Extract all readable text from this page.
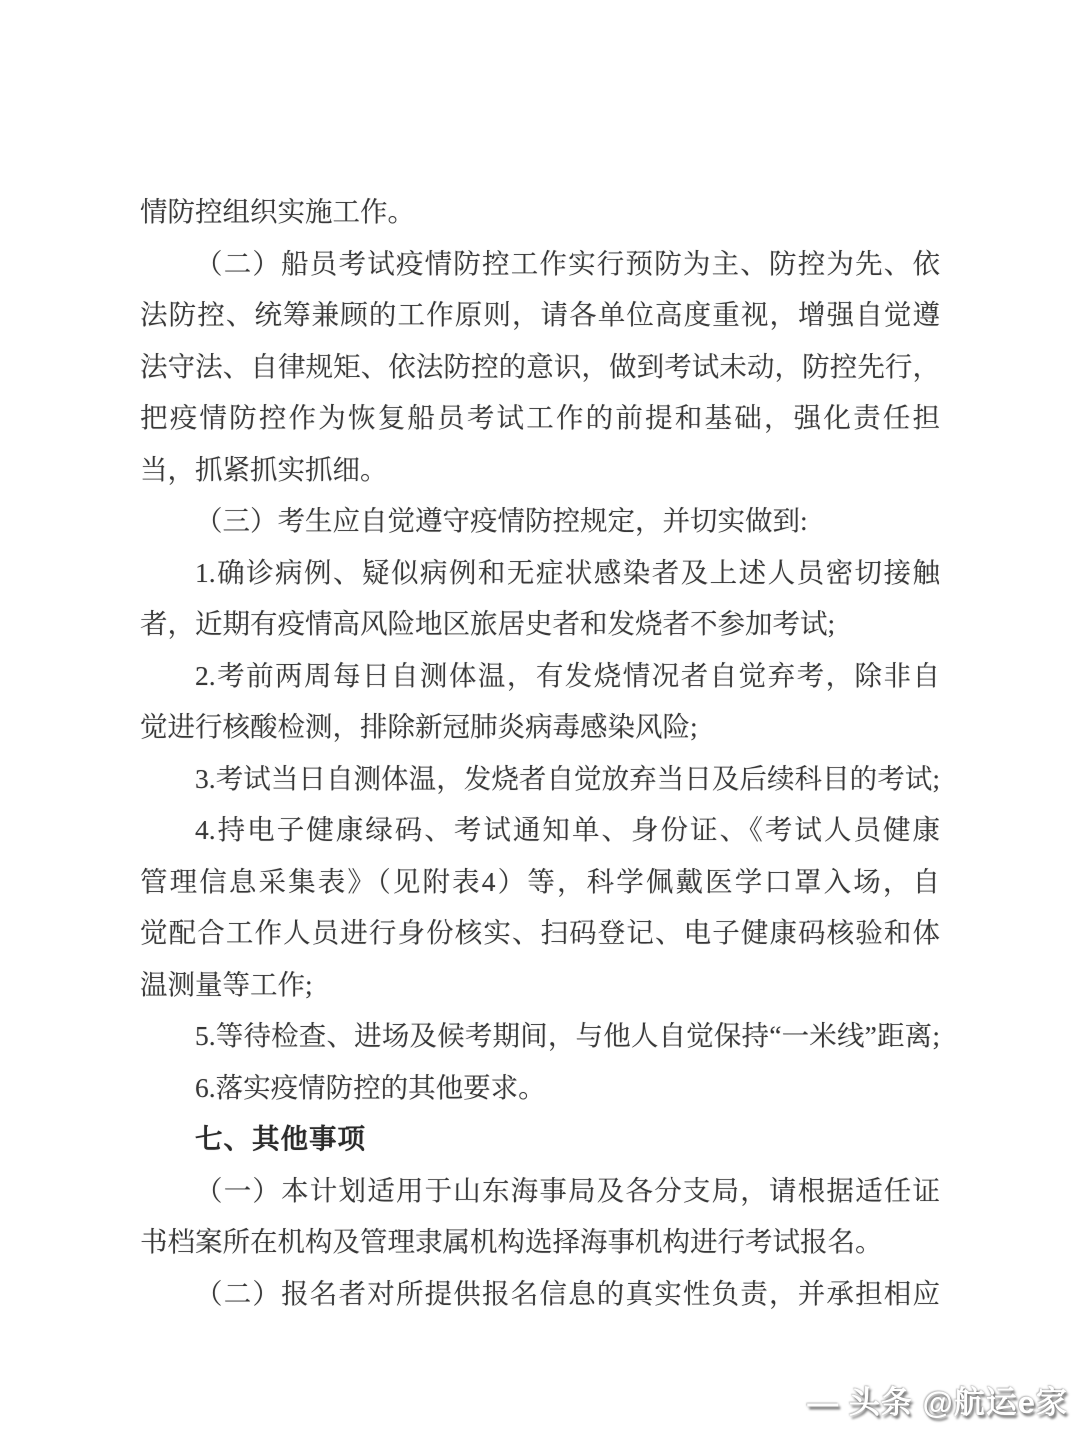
情防控组织实施工作。
（二）船员考试疫情防控工作实行预防为主、防控为先、依
法防控、统筹兼顾的工作原则，请各单位高度重视，增强自觉遵
法守法、自律规矩、依法防控的意识，做到考试未动，防控先行，
把疫情防控作为恢复船员考试工作的前提和基础，强化责任担
当，抓紧抓实抓细。
（三）考生应自觉遵守疫情防控规定，并切实做到:
1.确诊病例、疑似病例和无症状感染者及上述人员密切接触
者，近期有疫情高风险地区旅居史者和发烧者不参加考试;
2.考前两周每日自测体温，有发烧情况者自觉弃考，除非自
觉进行核酸检测，排除新冠肺炎病毒感染风险;
3.考试当日自测体温，发烧者自觉放弃当日及后续科目的考试;
4.持电子健康绿码、考试通知单、身份证、《考试人员健康
管理信息采集表》（见附表4）等，科学佩戴医学口罩入场，自
觉配合工作人员进行身份核实、扫码登记、电子健康码核验和体
温测量等工作;
5.等待检查、进场及候考期间，与他人自觉保持“一米线”距离;
6.落实疫情防控的其他要求。
七、其他事项
（一）本计划适用于山东海事局及各分支局，请根据适任证
书档案所在机构及管理隶属机构选择海事机构进行考试报名。
（二）报名者对所提供报名信息的真实性负责，并承担相应
— 头条 @航运e家
